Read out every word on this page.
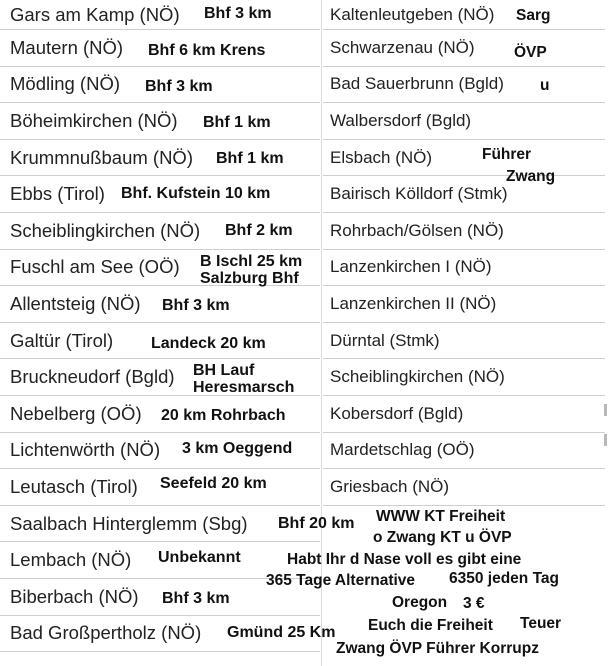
Gars am Kamp (NÖ)
Mautern (NÖ)
Mödling (NÖ)
Böheimkirchen (NÖ)
Krummnußbaum (NÖ)
Ebbs (Tirol)
Scheiblingkirchen (NÖ)
Fuschl am See (OÖ)
Allentsteig (NÖ)
Galtür (Tirol)
Bruckneudorf (Bgld)
Nebelberg (OÖ)
Lichtenwörth (NÖ)
Leutasch (Tirol)
Saalbach Hinterglemm (Sbg)
Lembach (NÖ)
Biberbach (NÖ)
Bad Großpertholz (NÖ)
Kaltenleutgeben (NÖ)
Schwarzenau (NÖ)
Bad Sauerbrunn (Bgld)
Walbersdorf (Bgld)
Elsbach (NÖ)
Bairisch Kölldorf (Stmk)
Rohrbach/Gölsen (NÖ)
Lanzenkirchen I (NÖ)
Lanzenkirchen II (NÖ)
Dürntal (Stmk)
Scheiblingkirchen (NÖ)
Kobersdorf (Bgld)
Mardetschlag (OÖ)
Griesbach (NÖ)
Bhf 3 km
Bhf 6 km Krens
Bhf 3 km
Bhf 1 km
Bhf 1 km
Bhf. Kufstein 10 km
Bhf 2 km
B Ischl 25 km
Salzburg Bhf
Bhf 3 km
Landeck 20 km
BH Lauf
Heresmarsch
20 km Rohrbach
3 km Oeggend
Seefeld 20 km
Bhf 20 km
Unbekannt
Bhf 3 km
Gmünd 25 Km
Sarg
ÖVP
u
Führer
Zwang
WWW KT Freiheit
o Zwang KT u ÖVP
Habt Ihr d Nase voll es gibt eine
365 Tage Alternative 6350 jeden Tag
Oregon 3 €
Euch die Freiheit Teuer
Zwang ÖVP Führer Korrupz
